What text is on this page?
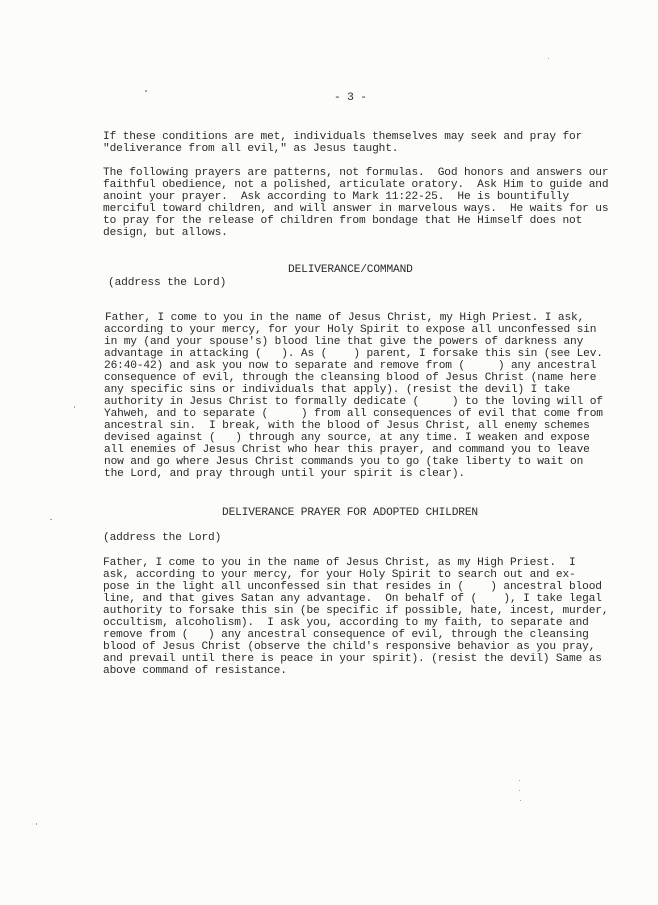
- 3 -
If these conditions are met, individuals themselves may seek and pray for
"deliverance from all evil," as Jesus taught.
The following prayers are patterns, not formulas.  God honors and answers our
faithful obedience, not a polished, articulate oratory.  Ask Him to guide and
anoint your prayer.  Ask according to Mark 11:22-25.  He is bountifully
merciful toward children, and will answer in marvelous ways.  He waits for us
to pray for the release of children from bondage that He Himself does not
design, but allows.
DELIVERANCE/COMMAND
(address the Lord)
Father, I come to you in the name of Jesus Christ, my High Priest. I ask,
according to your mercy, for your Holy Spirit to expose all unconfessed sin
in my (and your spouse's) blood line that give the powers of darkness any
advantage in attacking (   ). As (    ) parent, I forsake this sin (see Lev.
26:40-42) and ask you now to separate and remove from (     ) any ancestral
consequence of evil, through the cleansing blood of Jesus Christ (name here
any specific sins or individuals that apply). (resist the devil) I take
authority in Jesus Christ to formally dedicate (     ) to the loving will of
Yahweh, and to separate (     ) from all consequences of evil that come from
ancestral sin.  I break, with the blood of Jesus Christ, all enemy schemes
devised against (   ) through any source, at any time. I weaken and expose
all enemies of Jesus Christ who hear this prayer, and command you to leave
now and go where Jesus Christ commands you to go (take liberty to wait on
the Lord, and pray through until your spirit is clear).
DELIVERANCE PRAYER FOR ADOPTED CHILDREN
(address the Lord)
Father, I come to you in the name of Jesus Christ, as my High Priest.  I
ask, according to your mercy, for your Holy Spirit to search out and ex-
pose in the light all unconfessed sin that resides in (    ) ancestral blood
line, and that gives Satan any advantage.  On behalf of (    ), I take legal
authority to forsake this sin (be specific if possible, hate, incest, murder,
occultism, alcoholism).  I ask you, according to my faith, to separate and
remove from (   ) any ancestral consequence of evil, through the cleansing
blood of Jesus Christ (observe the child's responsive behavior as you pray,
and prevail until there is peace in your spirit). (resist the devil) Same as
above command of resistance.
